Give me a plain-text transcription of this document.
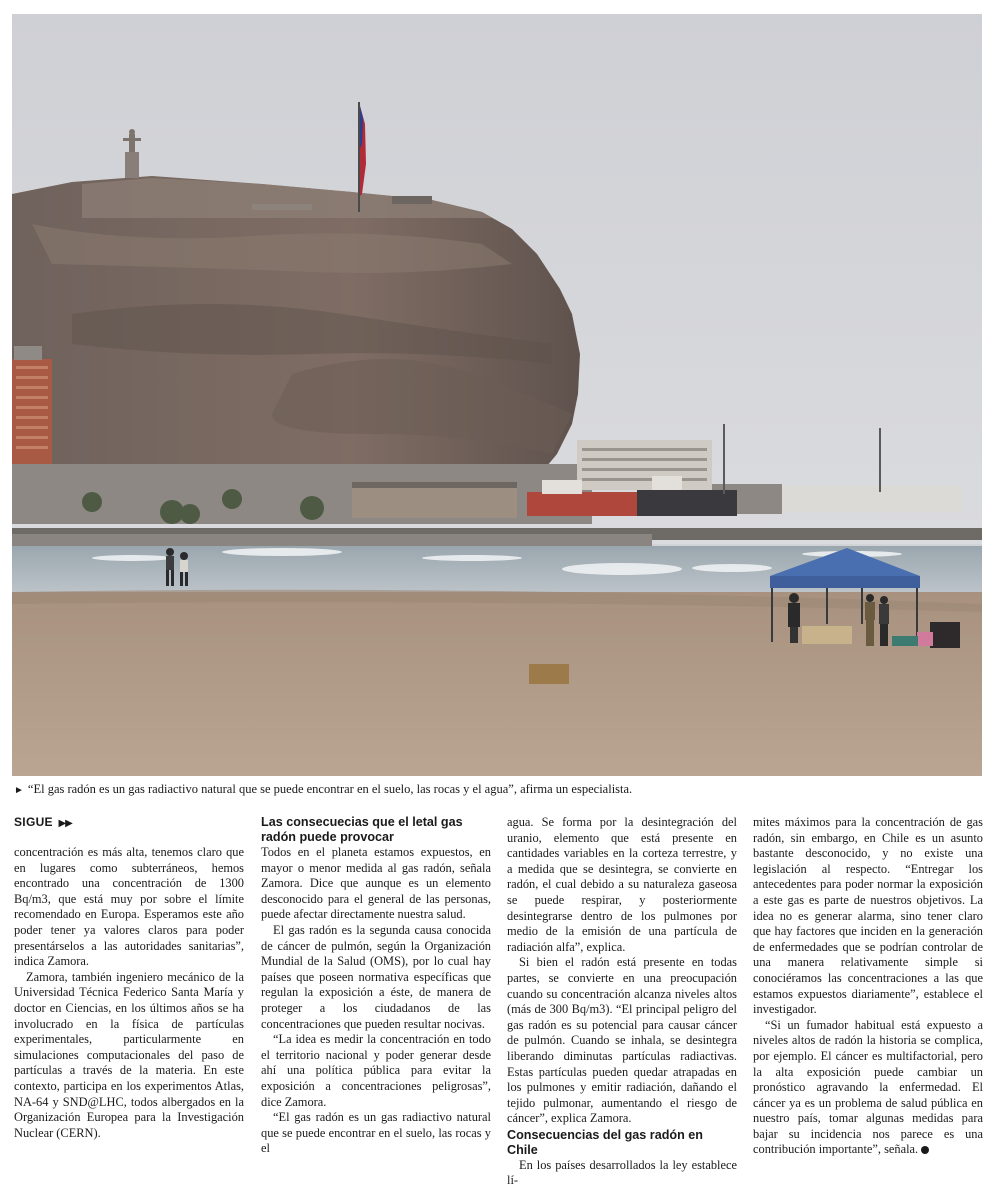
► “El gas radón es un gas radiactivo natural que se puede encontrar en el suelo, las rocas y el agua”, afirma un especialista.
SIGUE ▶▶

concentración es más alta, tenemos claro que en lugares como subterráneos, hemos encontrado una concentración de 1300 Bq/m3, que está muy por sobre el límite recomendado en Europa. Esperamos este año poder tener ya valores claros para poder presentárselos a las autoridades sanitarias”, indica Zamora.

Zamora, también ingeniero mecánico de la Universidad Técnica Federico Santa María y doctor en Ciencias, en los últimos años se ha involucrado en la física de partículas experimentales, particularmente en simulaciones computacionales del paso de partículas a través de la materia. En este contexto, participa en los experimentos Atlas, NA-64 y SND@LHC, todos albergados en la Organización Europea para la Investigación Nuclear (CERN).

Las consecuecias que el letal gas radón puede provocar

Todos en el planeta estamos expuestos, en mayor o menor medida al gas radón, señala Zamora. Dice que aunque es un elemento desconocido para el general de las personas, puede afectar directamente nuestra salud.

El gas radón es la segunda causa conocida de cáncer de pulmón, según la Organización Mundial de la Salud (OMS), por lo cual hay países que poseen normativa específicas que regulan la exposición a éste, de manera de proteger a los ciudadanos de las concentraciones que pueden resultar nocivas.

“La idea es medir la concentración en todo el territorio nacional y poder generar desde ahí una política pública para evitar la exposición a concentraciones peligrosas”, dice Zamora.

“El gas radón es un gas radiactivo natural que se puede encontrar en el suelo, las rocas y el

agua. Se forma por la desintegración del uranio, elemento que está presente en cantidades variables en la corteza terrestre, y a medida que se desintegra, se convierte en radón, el cual debido a su naturaleza gaseosa se puede respirar, y posteriormente desintegrarse dentro de los pulmones por medio de la emisión de una partícula de radiación alfa”, explica.

Si bien el radón está presente en todas partes, se convierte en una preocupación cuando su concentración alcanza niveles altos (más de 300 Bq/m3). “El principal peligro del gas radón es su potencial para causar cáncer de pulmón. Cuando se inhala, se desintegra liberando diminutas partículas radiactivas. Estas partículas pueden quedar atrapadas en los pulmones y emitir radiación, dañando el tejido pulmonar, aumentando el riesgo de cáncer”, explica Zamora.

Consecuencias del gas radón en Chile

En los países desarrollados la ley establece lí-

mites máximos para la concentración de gas radón, sin embargo, en Chile es un asunto bastante desconocido, y no existe una legislación al respecto. “Entregar los antecedentes para poder normar la exposición a este gas es parte de nuestros objetivos. La idea no es generar alarma, sino tener claro que hay factores que inciden en la generación de enfermedades que se podrían controlar de una manera relativamente simple si conociéramos las concentraciones a las que estamos expuestos diariamente”, establece el investigador.

“Si un fumador habitual está expuesto a niveles altos de radón la historia se complica, por ejemplo. El cáncer es multifactorial, pero la alta exposición puede cambiar un pronóstico agravando la enfermedad. El cáncer ya es un problema de salud pública en nuestro país, tomar algunas medidas para bajar su incidencia nos parece es una contribución importante”, señala.
